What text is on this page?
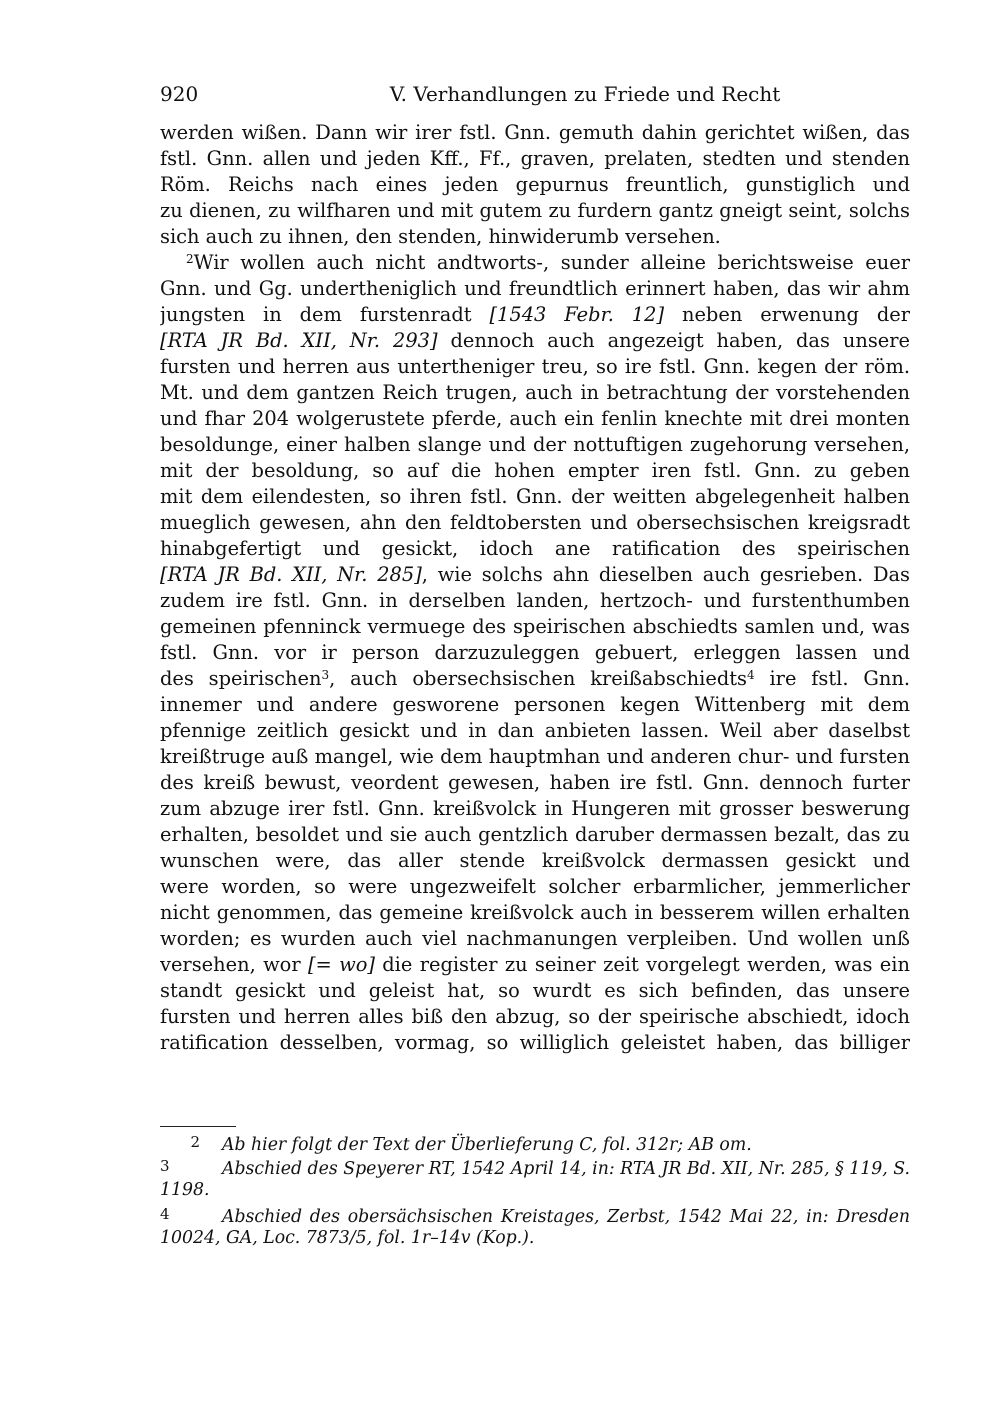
920	V. Verhandlungen zu Friede und Recht
werden wißen. Dann wir irer fstl. Gnn. gemuth dahin gerichtet wißen, das
fstl. Gnn. allen und jeden Kff., Ff., graven, prelaten, stedten und stenden
Röm. Reichs nach eines jeden gepurnus freuntlich, gunstiglich und
zu dienen, zu wilfharen und mit gutem zu furdern gantz gneigt seint, solchs
sich auch zu ihnen, den stenden, hinwiderumb versehen.
$^2$Wir wollen auch nicht andtworts-, sunder alleine berichtsweise euer
Gnn. und Gg. undertheniglich und freundtlich erinnert haben, das wir ahm
jungsten in dem furstenradt [1543 Febr. 12] neben erwenung der
[RTA JR Bd. XII, Nr. 293] dennoch auch angezeigt haben, das unsere
fursten und herren aus untertheniger treu, so ire fstl. Gnn. kegen der röm.
Mt. und dem gantzen Reich trugen, auch in betrachtung der vorstehenden
und fhar 204 wolgerustete pferde, auch ein fenlin knechte mit drei monten
besoldunge, einer halben slange und der nottuftigen zugehorung versehen,
mit der besoldung, so auf die hohen empter iren fstl. Gnn. zu geben
mit dem eilendesten, so ihren fstl. Gnn. der weitten abgelegenheit halben
mueglich gewesen, ahn den feldtobersten und obersechsischen kreigsradt
hinabgefertigt und gesickt, idoch ane ratification des speirischen
[RTA JR Bd. XII, Nr. 285], wie solchs ahn dieselben auch gesrieben. Das
zudem ire fstl. Gnn. in derselben landen, hertzoch- und furstenthumben
gemeinen pfenninck vermuege des speirischen abschiedts samlen und, was
fstl. Gnn. vor ir person darzuzuleggen gebuert, erleggen lassen und
des speirischen$^3$, auch obersechsischen kreißabschiedts$^4$ ire fstl. Gnn.
innemer und andere gesworene personen kegen Wittenberg mit dem
pfennige zeitlich gesickt und in dan anbieten lassen. Weil aber daselbst
kreißtruge auß mangel, wie dem hauptmhan und anderen chur- und fursten
des kreiß bewust, veordent gewesen, haben ire fstl. Gnn. dennoch furter
zum abzuge irer fstl. Gnn. kreißvolck in Hungeren mit grosser beswerung
erhalten, besoldet und sie auch gentzlich daruber dermassen bezalt, das zu
wunschen were, das aller stende kreißvolck dermassen gesickt und
were worden, so were ungezweifelt solcher erbarmlicher, jemmerlicher
nicht genommen, das gemeine kreißvolck auch in besserem willen erhalten
worden; es wurden auch viel nachmanungen verpleiben. Und wollen unß
versehen, wor [= wo] die register zu seiner zeit vorgelegt werden, was ein
standt gesickt und geleist hat, so wurdt es sich befinden, das unsere
fursten und herren alles biß den abzug, so der speirische abschiedt, idoch
ratification desselben, vormag, so williglich geleistet haben, das billiger
2 Ab hier folgt der Text der Überlieferung C, fol. 312r; AB om.
3	Abschied des Speyerer RT, 1542 April 14, in: RTA JR Bd. XII, Nr. 285, § 119, S.
1198.
4	Abschied des obersächsischen Kreistages, Zerbst, 1542 Mai 22, in: Dresden
10024, GA, Loc. 7873/5, fol. 1r–14v (Kop.).
